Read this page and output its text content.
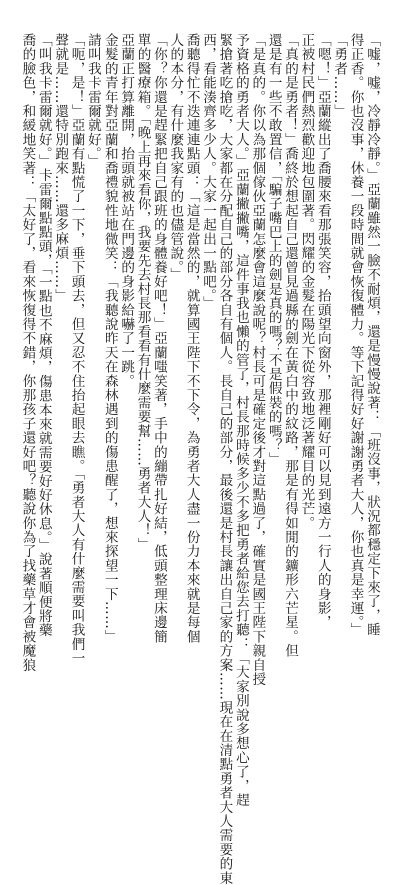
「嘘，嘘，冷靜冷靜。」亞蘭雖然一臉不耐煩，還是慢慢說著：「班沒事，狀況都穩定下來了，睡
得正香。你也沒事，休養一段時間就會恢復體力。等下記得好好謝謝勇者大人，你也真是幸運。」
「勇者……」
「嗯！」亞蘭縱出了喬腰來看那張笑容，抬頭望向窗外，那裡剛好可以見到遠方一行人的身影，
正被村民們熱烈歡迎地包圍著。閃耀的金髮在陽光下從容致地泛著耀目的光芒。
「真的是勇者！」喬終於想起自己還曾見過縣的劍在黃白中的紋路，那是有得如閒的鑛形六芒星。但
還是有一些不敢置信，「騙子嘴巴上的劍是真的嗎？不是假裝的嗎？」
「是真的。你以為那個傢伙亞蘭怎麼會這麼說呢？村長可是確定後才對這點過了，確實是國王陛下親自授
予資格的勇者大人。」亞蘭撇撇嘴，這件事我也懶的管了，村長那時候多少不多把勇者給您去打聽：「大家別說多想心了，趕
緊搶著吃搶吃，大家都在分配自己的部分各自有個人。長自己的部分，最後還是村長讓出自己家的方案……現在在清點勇者大人需要的東
西，看能湊齊多少人。大家一起出一點吧。」
喬聽得忙不迭連連點頭：「這是當然的，就算國王陛下不下令，為勇者大人盡一份力本來就是每個
人的本分，有什麼我家有的也儘管說。」
「你？你還是趕緊把自己跟班的身體養好吧！」亞蘭嗤笑著，手中的繃帶扎好結，低頭整理床邊簡
單的醫療箱。「晚上再來看你，我要先去村長那看看有什麼需要幫……勇者大人！」
亞蘭正打算離開，抬頭就被站在門邊的身影給嚇了一跳。
金髮的青年對亞蘭和喬禮貌性地微笑：「我聽說昨天在森林遇到的傷患醒了，想來探望一下……」
請叫我卡雷爾就好。」
「呃，是！」亞蘭有點慌了一下，垂下頭去，但又忍不住抬起眼去瞧。「勇者大人有什麼需要叫我們一
聲就是……還特別跑來……還多麻煩……」
「叫我卡雷爾就好。」卡雷爾點點頭，「一點也不麻煩，傷患本來就需要好好休息。」說著順便將藥
喬的臉色，和緩地笑著：「太好了，看來恢復得不錯，你那孩子還好吧？聽說你為了找藥草才會被魔狼
